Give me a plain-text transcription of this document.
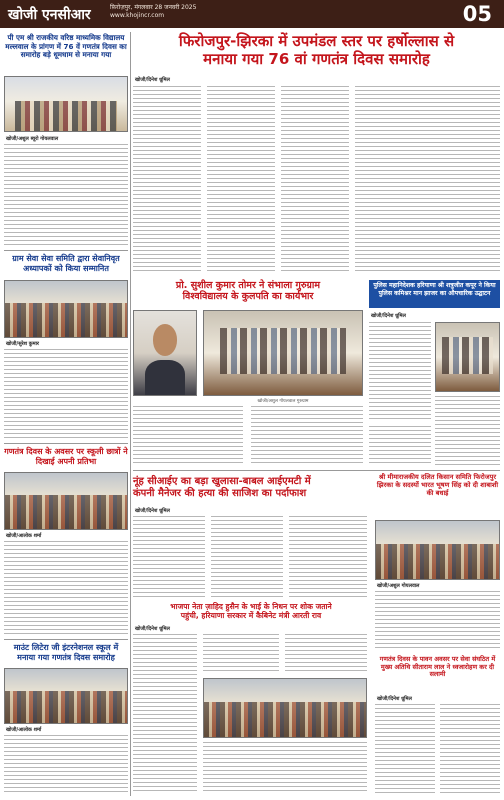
खोजी एनसीआर	फ़िरोज़पुर, मंगलवार 28 जनवरी 2025
www.khojincr.com	05
पी एम श्री राजकीय वरिष्ठ माध्यमिक विद्यालय मल्लवाल के प्रांगण में 76 वें गणतंत्र दिवस का समारोह बड़े धूमधाम से मनाया गया
खोजी/अशुल ब्यूरो गोयलवाल
ग्राम सेवा सेवा समिति द्वारा सेवानिवृत अध्यापकों को किया सम्मानित
खोजी/सुरेश कुमार
गणतंत्र दिवस के अवसर पर स्कूली छात्रों ने दिखाई अपनी प्रतिभा
खोजी/आलोक शर्मा
माउंट लिटेरा जी इंटरनेशनल स्कूल में मनाया गया गणतंत्र दिवस समारोह
खोजी/आलोक शर्मा
फिरोजपुर-झिरका में उपमंडल स्तर पर हर्षोल्लास से
मनाया गया 76 वां गणतंत्र दिवस समारोह
खोजी/दिनेश धूमिल
प्रो. सुशील कुमार तोमर ने संभाला गुरुग्राम
विश्वविद्यालय के कुलपति का कार्यभार
खोजी/अशुल गोयलवाल गुरुग्राम
पुलिस महानिदेशक हरियाणा श्री शत्रुजीत कपूर ने किया
पुलिस कमिश्नर मान झाजर का औपचारिक उद्घाटन
खोजी/दिनेश धूमिल
नूंह सीआईए का बड़ा खुलासा-बाबल आईएमटी में
कंपनी मैनेजर की हत्या की साजिश का पर्दाफाश
खोजी/दिनेश धूमिल
श्री मीमाराजकीय दलित किसान समिति फिरोजपुर झिरका के सदस्यों भारत भूषण सिंह को दी शाबाशी की बधाई
खोजी/अशुल गोयलवाल
भाजपा नेता ज़ाहिद हुसैन के भाई के निधन पर शोक जताने
पहुंची, हरियाणा सरकार में कैबिनेट मंत्री आरती राव
खोजी/दिनेश धूमिल
गणतंत्र दिवस के पावन अवसर पर सेवा संघठित में मुख्य अतिथि सीताराम लाल ने ध्वजारोहण कर दी सलामी
खोजी/दिनेश धूमिल
